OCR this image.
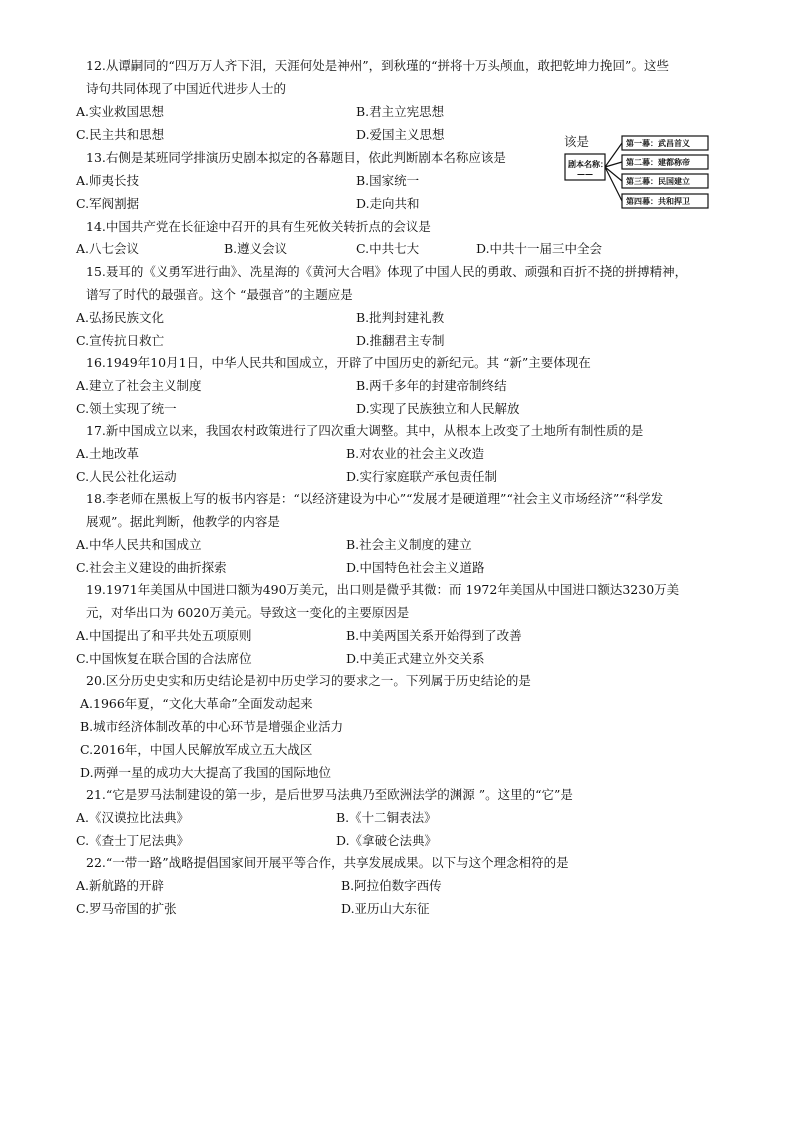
12.从谭嗣同的“四万万人齐下泪，天涯何处是神州”，到秋瑾的“拼将十万头颅血，敢把乾坤力挽回”。这些
诗句共同体现了中国近代进步人士的
A.实业救国思想	B.君主立宪思想
C.民主共和思想	D.爱国主义思想
13.右侧是某班同学排演历史剧本拟定的各幕题目，依此判断剧本名称应该是
A.师夷长技	B.国家统一
C.军阀割据	D.走向共和
该是
剧本名称：
——
第一幕：武昌首义
第二幕：建都称帝
第三幕：民国建立
第四幕：共和捍卫
14.中国共产党在长征途中召开的具有生死攸关转折点的会议是
A.八七会议	B.遵义会议	C.中共七大	D.中共十一届三中全会
15.聂耳的《义勇军进行曲》、冼星海的《黄河大合唱》体现了中国人民的勇敢、顽强和百折不挠的拼搏精神，
谱写了时代的最强音。这个 “最强音”的主题应是
A.弘扬民族文化	B.批判封建礼教
C.宣传抗日救亡	D.推翻君主专制
16.1949年10月1日，中华人民共和国成立，开辟了中国历史的新纪元。其 “新”主要体现在
A.建立了社会主义制度	B.两千多年的封建帝制终结
C.领土实现了统一	D.实现了民族独立和人民解放
17.新中国成立以来，我国农村政策进行了四次重大调整。其中，从根本上改变了土地所有制性质的是
A.土地改革	B.对农业的社会主义改造
C.人民公社化运动	D.实行家庭联产承包责任制
18.李老师在黑板上写的板书内容是：“以经济建设为中心”“发展才是硬道理”“社会主义市场经济”“科学发
展观”。据此判断，他教学的内容是
A.中华人民共和国成立	B.社会主义制度的建立
C.社会主义建设的曲折探索	D.中国特色社会主义道路
19.1971年美国从中国进口额为490万美元，出口则是微乎其微：而 1972年美国从中国进口额达3230万美
元，对华出口为 6020万美元。导致这一变化的主要原因是
A.中国提出了和平共处五项原则	B.中美两国关系开始得到了改善
C.中国恢复在联合国的合法席位	D.中美正式建立外交关系
20.区分历史史实和历史结论是初中历史学习的要求之一。下列属于历史结论的是
A.1966年夏，“文化大革命”全面发动起来
B.城市经济体制改革的中心环节是增强企业活力
C.2016年，中国人民解放军成立五大战区
D.两弹一星的成功大大提高了我国的国际地位
21.“它是罗马法制建设的第一步，是后世罗马法典乃至欧洲法学的渊源 ”。这里的“它”是
A.《汉谟拉比法典》	B.《十二铜表法》
C.《查士丁尼法典》	D.《拿破仑法典》
22.“一带一路”战略提倡国家间开展平等合作，共享发展成果。以下与这个理念相符的是
A.新航路的开辟	B.阿拉伯数字西传
C.罗马帝国的扩张	D.亚历山大东征
